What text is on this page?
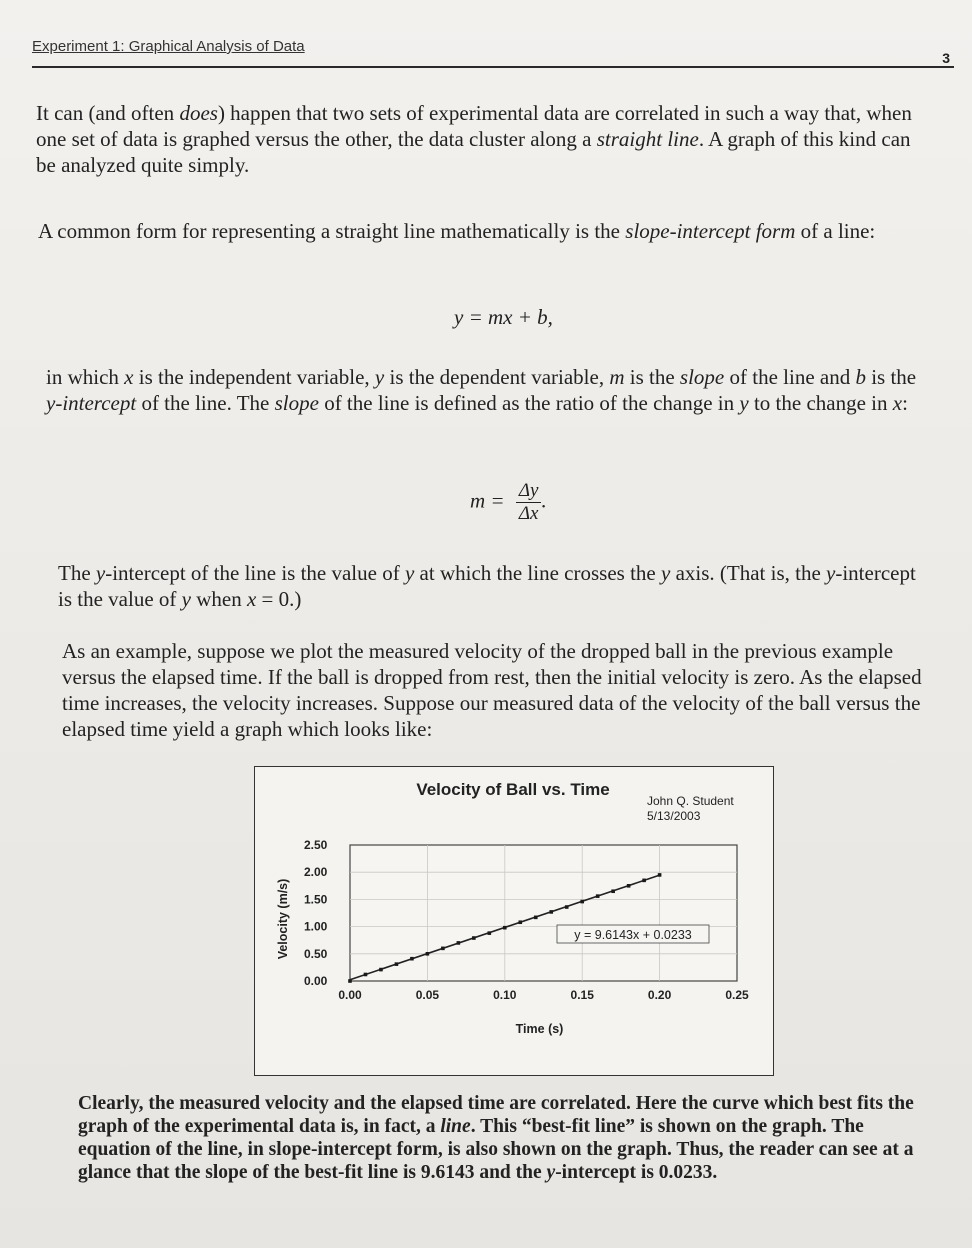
Experiment 1: Graphical Analysis of Data
3

It can (and often does) happen that two sets of experimental data are correlated in such a way that, when one set of data is graphed versus the other, the data cluster along a straight line. A graph of this kind can be analyzed quite simply.

A common form for representing a straight line mathematically is the slope-intercept form of a line:

y = mx + b,

in which x is the independent variable, y is the dependent variable, m is the slope of the line and b is the y-intercept of the line. The slope of the line is defined as the ratio of the change in y to the change in x:

$m = \frac{\Delta y}{\Delta x}$ .

The y-intercept of the line is the value of y at which the line crosses the y axis. (That is, the y-intercept is the value of y when x = 0.)

As an example, suppose we plot the measured velocity of the dropped ball in the previous example versus the elapsed time. If the ball is dropped from rest, then the initial velocity is zero. As the elapsed time increases, the velocity increases. Suppose our measured data of the velocity of the ball versus the elapsed time yield a graph which looks like:

0.00
0.50
1.00
1.50
2.00
2.50
0.00	0.05	0.10	0.15	0.20	0.25
y = 9.6143x + 0.0233
Velocity of Ball vs. Time
John Q. Student
5/13/2003
Time (s)
Velocity (m/s)

Clearly, the measured velocity and the elapsed time are correlated. Here the curve which best fits the graph of the experimental data is, in fact, a line. This “best-fit line” is shown on the graph. The equation of the line, in slope-intercept form, is also shown on the graph. Thus, the reader can see at a glance that the slope of the best-fit line is 9.6143 and the y-intercept is 0.0233.
